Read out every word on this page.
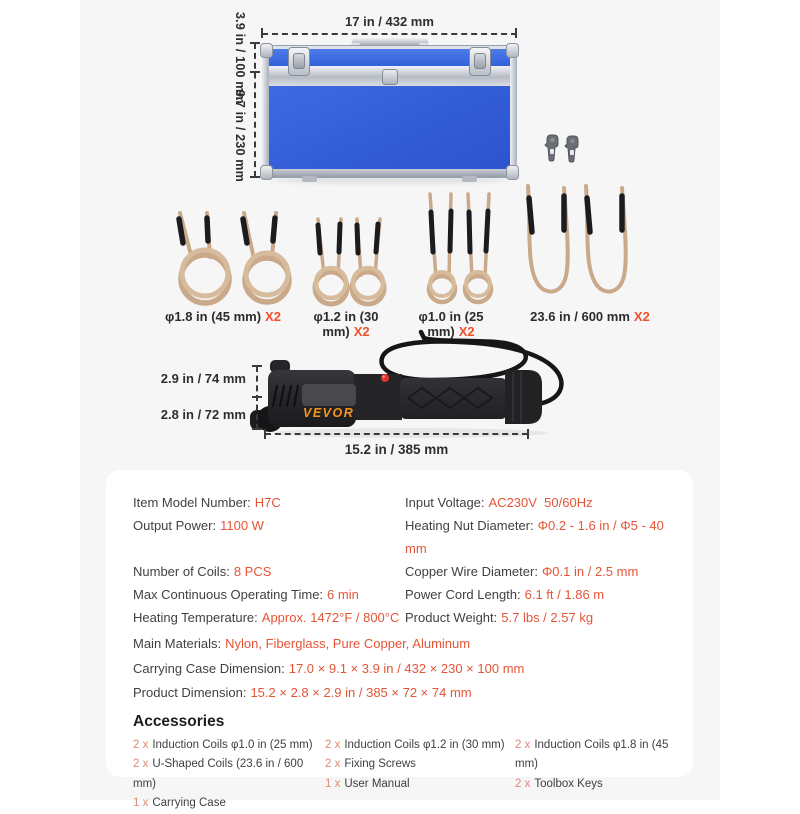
17 in / 432 mm
3.9 in / 100 mm
9.7 in / 230 mm
φ1.8 in (45 mm) X2	φ1.2 in (30 mm) X2
φ1.0 in (25 mm) X2
23.6 in / 600 mm X2
VEVOR
2.9 in / 74 mm
2.8 in / 72 mm
15.2 in / 385 mm
Item Model Number: H7C	Input Voltage: AC230V  50/60Hz
Output Power: 1100 W	Heating Nut Diameter: Φ0.2 - 1.6 in / Φ5 - 40 mm
Number of Coils: 8 PCS	Copper Wire Diameter: Φ0.1 in / 2.5 mm
Max Continuous Operating Time: 6 min	Power Cord Length: 6.1 ft / 1.86 m
Heating Temperature: Approx. 1472°F / 800°C Product Weight: 5.7 lbs / 2.57 kg
Main Materials: Nylon, Fiberglass, Pure Copper, Aluminum
Carrying Case Dimension: 17.0 × 9.1 × 3.9 in / 432 × 230 × 100 mm
Product Dimension: 15.2 × 2.8 × 2.9 in / 385 × 72 × 74 mm
Accessories
2 x Induction Coils φ1.0 in (25 mm)
2 x U-Shaped Coils (23.6 in / 600 mm)
1 x Carrying Case
2 x Induction Coils φ1.2 in (30 mm)
2 x Fixing Screws
1 x User Manual
2 x Induction Coils φ1.8 in (45 mm)
2 x Toolbox Keys
